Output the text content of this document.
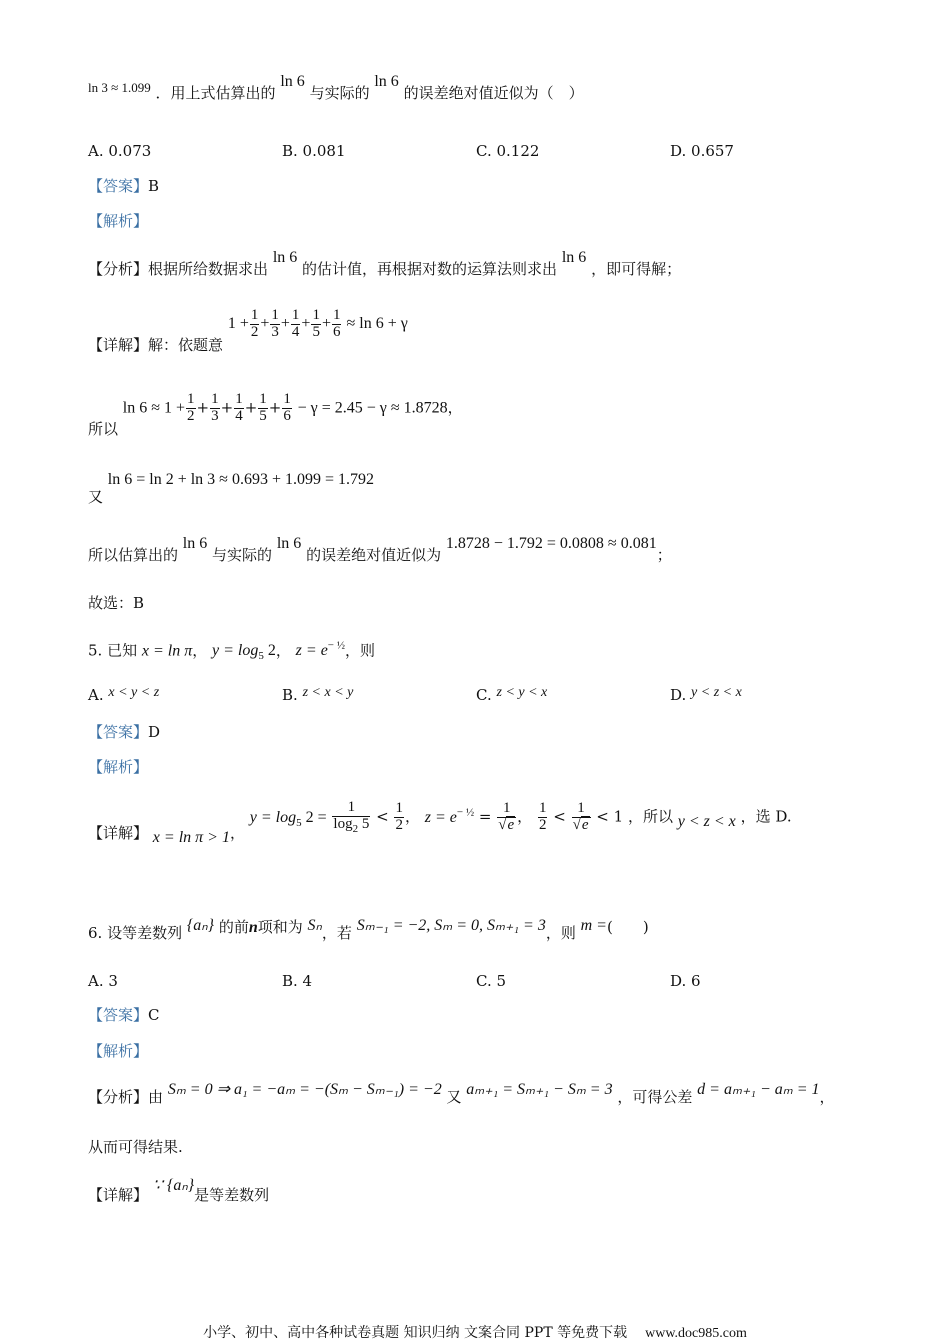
ln 3 ≈ 1.099 ．用上式估算出的 ln 6 与实际的 ln 6 的误差绝对值近似为（　）
A. 0.073	B. 0.081	C. 0.122	D. 0.657
【答案】B
【解析】
【分析】根据所给数据求出 ln 6 的估计值，再根据对数的运算法则求出 ln 6 ，即可得解；
【详解】解：依题意 $1 + \frac{1}{2} + \frac{1}{3} + \frac{1}{4} + \frac{1}{5} + \frac{1}{6} \approx \ln 6 + \gamma$
所以 $\ln 6 \approx 1 + \frac{1}{2} + \frac{1}{3} + \frac{1}{4} + \frac{1}{5} + \frac{1}{6} - \gamma = 2.45 - \gamma \approx 1.8728$，
又 ln 6 = ln 2 + ln 3 ≈ 0.693 + 1.099 = 1.792
所以估算出的 ln 6 与实际的 ln 6 的误差绝对值近似为 1.8728 − 1.792 = 0.0808 ≈ 0.081；
故选：B
5. 已知 x = ln π， $y = \log_5 2$， $z = e^{- \frac{1}{2}}$，则
A. x < y < z	B. z < x < y	C. z < y < x	D. y < z < x
【答案】D
【解析】
【详解】 x = ln π > 1， $y = \log_5 2 = \frac{1}{\log_2 5} < \frac{1}{2}$ ， $z = e^{- \frac{1}{2}} = \frac{1}{√e}$ ， $\frac{1}{2} < \frac{1}{√e} < 1$ ，所以 y < z < x ，选 D.
6. 设等差数列 {aₙ} 的前n项和为 Sₙ，若 Sₘ₋₁ = −2, Sₘ = 0, Sₘ₊₁ = 3，则 m =(　　)
A. 3	B. 4	C. 5	D. 6
【答案】C
【解析】
【分析】由 Sₘ = 0 ⇒ a₁ = −aₘ = −(Sₘ − Sₘ₋₁) = −2 又 aₘ₊₁ = Sₘ₊₁ − Sₘ = 3 ，可得公差 d = aₘ₊₁ − aₘ = 1，
从而可得结果.
【详解】 ∵ {aₙ}是等差数列
小学、初中、高中各种试卷真题 知识归纳 文案合同 PPT 等免费下载 www.doc985.com
